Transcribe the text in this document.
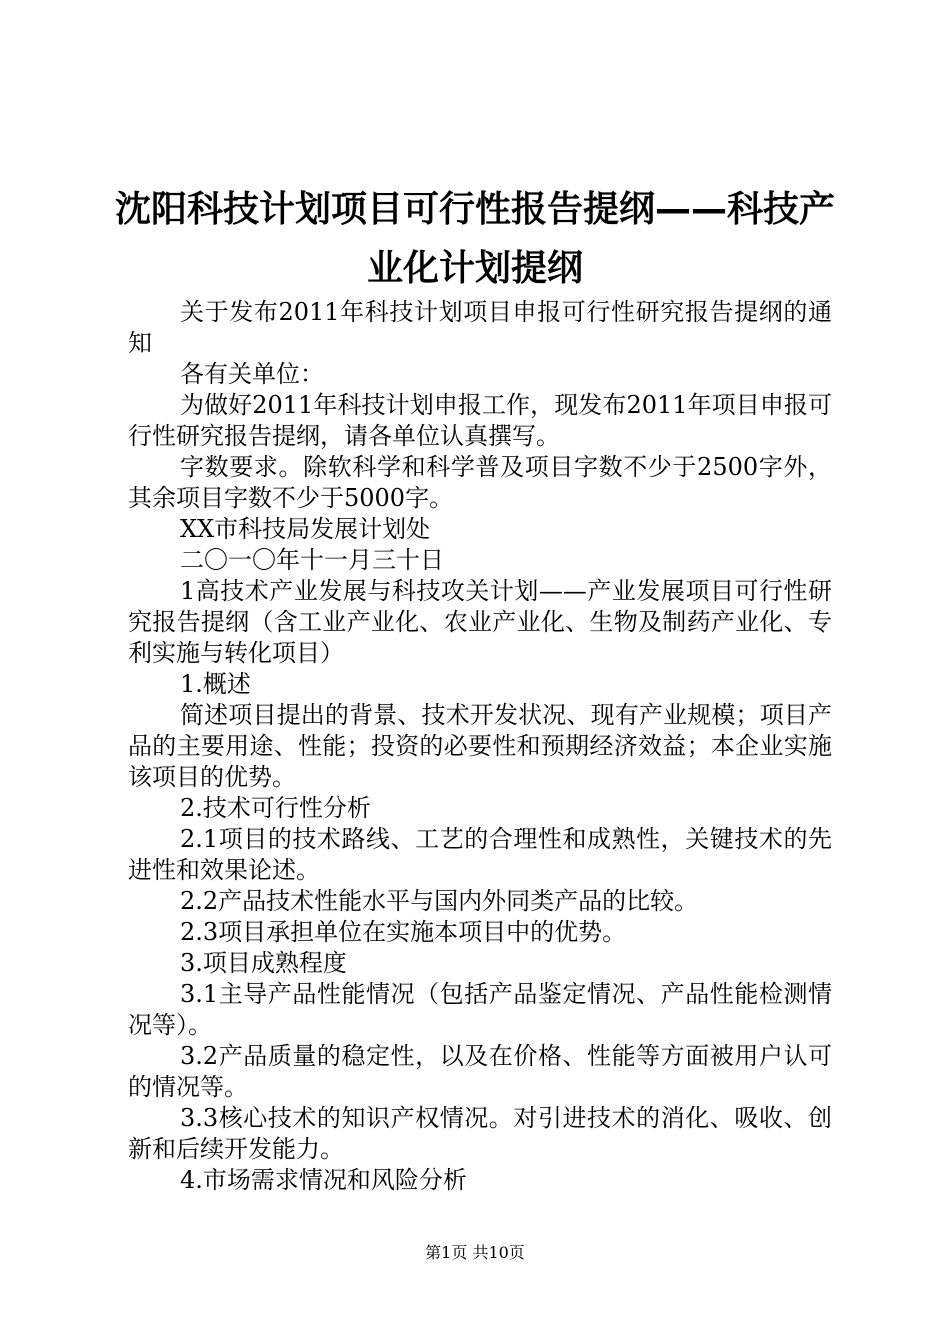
沈阳科技计划项目可行性报告提纲——科技产
业化计划提纲

关于发布2011年科技计划项目申报可行性研究报告提纲的通知

各有关单位：

为做好2011年科技计划申报工作，现发布2011年项目申报可行性研究报告提纲，请各单位认真撰写。

字数要求。除软科学和科学普及项目字数不少于2500字外，其余项目字数不少于5000字。

XX市科技局发展计划处

二〇一〇年十一月三十日

1高技术产业发展与科技攻关计划——产业发展项目可行性研究报告提纲（含工业产业化、农业产业化、生物及制药产业化、专利实施与转化项目）

1.概述

简述项目提出的背景、技术开发状况、现有产业规模；项目产品的主要用途、性能；投资的必要性和预期经济效益；本企业实施该项目的优势。

2.技术可行性分析

2.1项目的技术路线、工艺的合理性和成熟性，关键技术的先进性和效果论述。

2.2产品技术性能水平与国内外同类产品的比较。

2.3项目承担单位在实施本项目中的优势。

3.项目成熟程度

3.1主导产品性能情况（包括产品鉴定情况、产品性能检测情况等）。

3.2产品质量的稳定性，以及在价格、性能等方面被用户认可的情况等。

3.3核心技术的知识产权情况。对引进技术的消化、吸收、创新和后续开发能力。

4.市场需求情况和风险分析

第1页 共10页
